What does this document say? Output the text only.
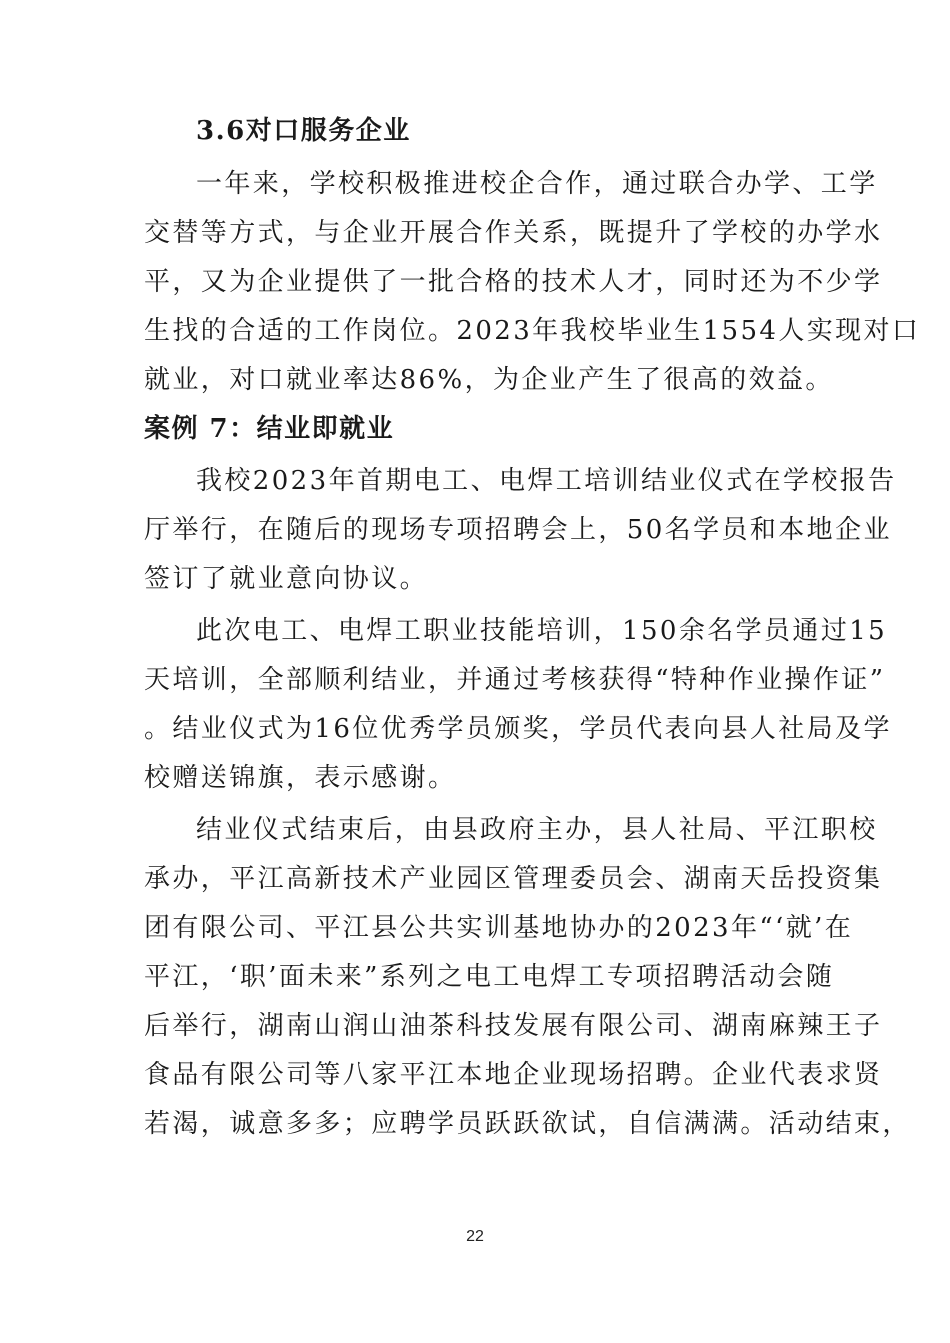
3.6对口服务企业
一年来，学校积极推进校企合作，通过联合办学、工学
交替等方式，与企业开展合作关系，既提升了学校的办学水
平，又为企业提供了一批合格的技术人才，同时还为不少学
生找的合适的工作岗位。2023年我校毕业生1554人实现对口
就业，对口就业率达86%，为企业产生了很高的效益。
案例 7：结业即就业
我校2023年首期电工、电焊工培训结业仪式在学校报告
厅举行，在随后的现场专项招聘会上，50名学员和本地企业
签订了就业意向协议。
此次电工、电焊工职业技能培训，150余名学员通过15
天培训，全部顺利结业，并通过考核获得“特种作业操作证”
。结业仪式为16位优秀学员颁奖，学员代表向县人社局及学
校赠送锦旗，表示感谢。
结业仪式结束后，由县政府主办，县人社局、平江职校
承办，平江高新技术产业园区管理委员会、湖南天岳投资集
团有限公司、平江县公共实训基地协办的2023年“‘就’在
平江，‘职’面未来”系列之电工电焊工专项招聘活动会随
后举行，湖南山润山油茶科技发展有限公司、湖南麻辣王子
食品有限公司等八家平江本地企业现场招聘。企业代表求贤
若渴，诚意多多；应聘学员跃跃欲试，自信满满。活动结束，
22
